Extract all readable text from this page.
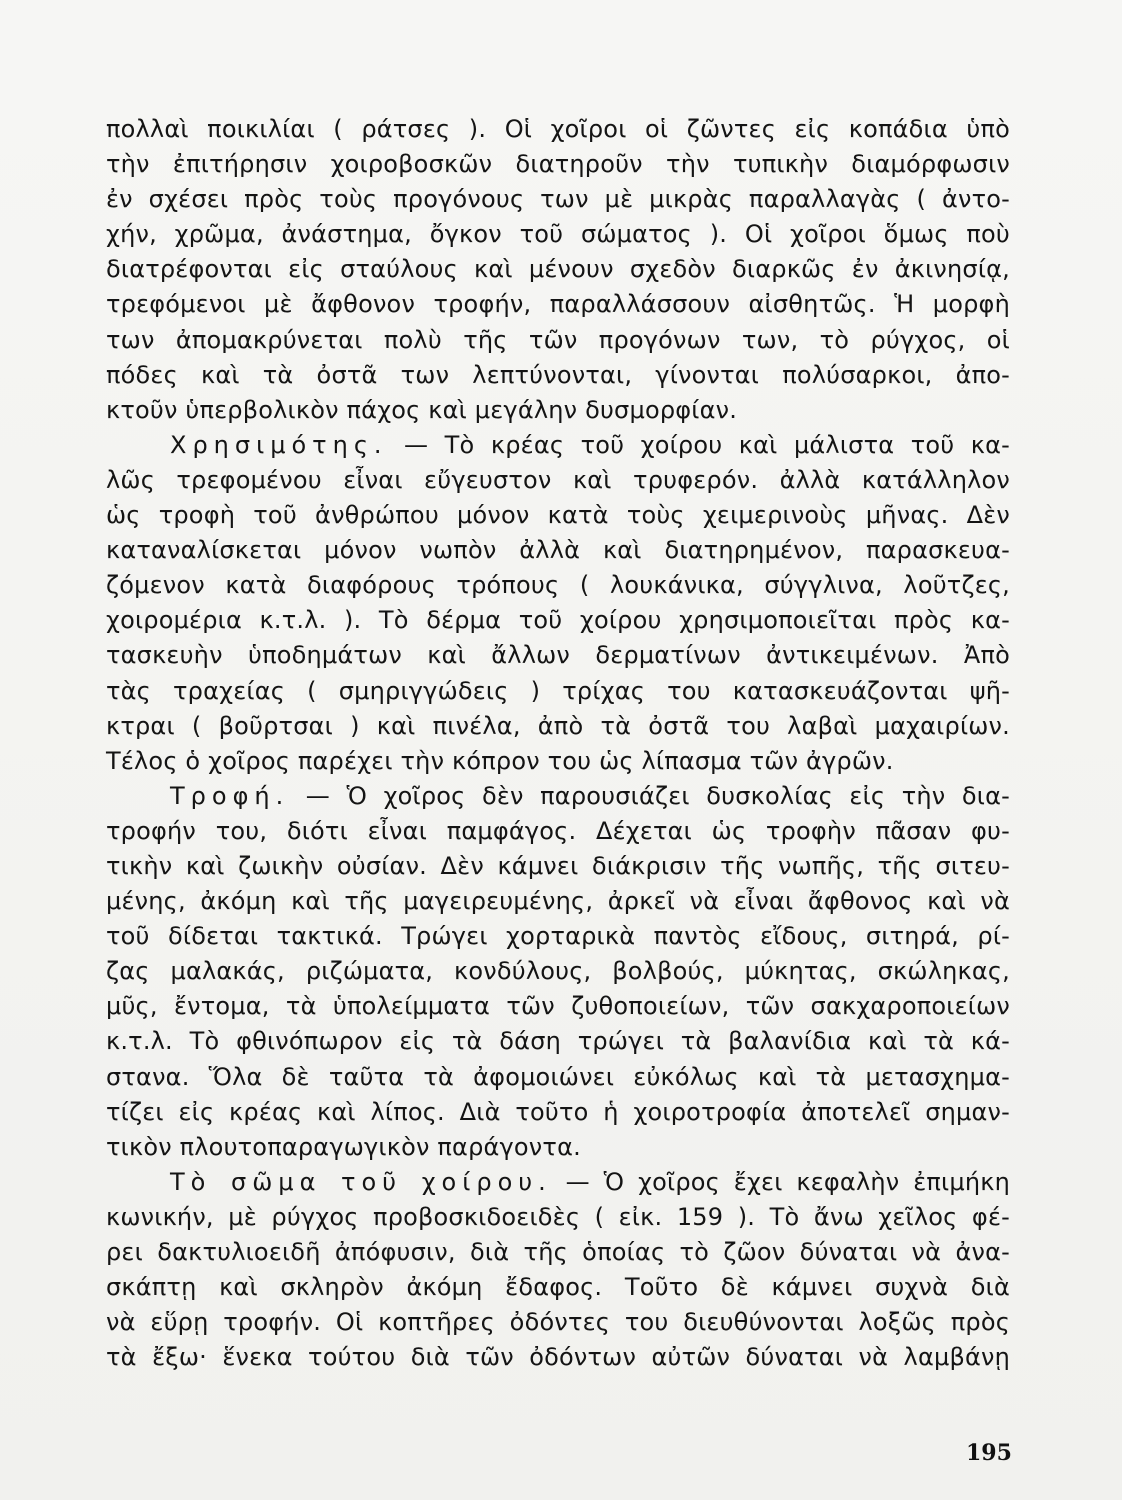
πολλαὶ ποικιλίαι ( ράτσες ). Οἱ χοῖροι οἱ ζῶντες εἰς κοπάδια ὑπὸ
τὴν ἐπιτήρησιν χοιροβοσκῶν διατηροῦν τὴν τυπικὴν διαμόρφωσιν
ἐν σχέσει πρὸς τοὺς προγόνους των μὲ μικρὰς παραλλαγὰς ( ἀντο-
χήν, χρῶμα, ἀνάστημα, ὄγκον τοῦ σώματος ). Οἱ χοῖροι ὅμως ποὺ
διατρέφονται εἰς σταύλους καὶ μένουν σχεδὸν διαρκῶς ἐν ἀκινησίᾳ,
τρεφόμενοι μὲ ἄφθονον τροφήν, παραλλάσσουν αἰσθητῶς. Ἡ μορφὴ
των ἀπομακρύνεται πολὺ τῆς τῶν προγόνων των, τὸ ρύγχος, οἱ
πόδες καὶ τὰ ὀστᾶ των λεπτύνονται, γίνονται πολύσαρκοι, ἀπο-
κτοῦν ὑπερβολικὸν πάχος καὶ μεγάλην δυσμορφίαν.
Χρησιμότης. — Τὸ κρέας τοῦ χοίρου καὶ μάλιστα τοῦ κα-
λῶς τρεφομένου εἶναι εὔγευστον καὶ τρυφερόν. ἀλλὰ κατάλληλον
ὡς τροφὴ τοῦ ἀνθρώπου μόνον κατὰ τοὺς χειμερινοὺς μῆνας. Δὲν
καταναλίσκεται μόνον νωπὸν ἀλλὰ καὶ διατηρημένον, παρασκευα-
ζόμενον κατὰ διαφόρους τρόπους ( λουκάνικα, σύγγλινα, λοῦτζες,
χοιρομέρια κ.τ.λ. ). Τὸ δέρμα τοῦ χοίρου χρησιμοποιεῖται πρὸς κα-
τασκευὴν ὑποδημάτων καὶ ἄλλων δερματίνων ἀντικειμένων. Ἀπὸ
τὰς τραχείας ( σμηριγγώδεις ) τρίχας του κατασκευάζονται ψῆ-
κτραι ( βοῦρτσαι ) καὶ πινέλα, ἀπὸ τὰ ὀστᾶ του λαβαὶ μαχαιρίων.
Τέλος ὁ χοῖρος παρέχει τὴν κόπρον του ὡς λίπασμα τῶν ἀγρῶν.
Τροφή. — Ὁ χοῖρος δὲν παρουσιάζει δυσκολίας εἰς τὴν δια-
τροφήν του, διότι εἶναι παμφάγος. Δέχεται ὡς τροφὴν πᾶσαν φυ-
τικὴν καὶ ζωικὴν οὐσίαν. Δὲν κάμνει διάκρισιν τῆς νωπῆς, τῆς σιτευ-
μένης, ἀκόμη καὶ τῆς μαγειρευμένης, ἀρκεῖ νὰ εἶναι ἄφθονος καὶ νὰ
τοῦ δίδεται τακτικά. Τρώγει χορταρικὰ παντὸς εἴδους, σιτηρά, ρί-
ζας μαλακάς, ριζώματα, κονδύλους, βολβούς, μύκητας, σκώληκας,
μῦς, ἔντομα, τὰ ὑπολείμματα τῶν ζυθοποιείων, τῶν σακχαροποιείων
κ.τ.λ. Τὸ φθινόπωρον εἰς τὰ δάση τρώγει τὰ βαλανίδια καὶ τὰ κά-
στανα. Ὅλα δὲ ταῦτα τὰ ἀφομοιώνει εὐκόλως καὶ τὰ μετασχημα-
τίζει εἰς κρέας καὶ λίπος. Διὰ τοῦτο ἡ χοιροτροφία ἀποτελεῖ σημαν-
τικὸν πλουτοπαραγωγικὸν παράγοντα.
Τὸ σῶμα τοῦ χοίρου. — Ὁ χοῖρος ἔχει κεφαλὴν ἐπιμήκη
κωνικήν, μὲ ρύγχος προβοσκιδοειδὲς ( εἰκ. 159 ). Τὸ ἄνω χεῖλος φέ-
ρει δακτυλιοειδῆ ἀπόφυσιν, διὰ τῆς ὁποίας τὸ ζῶον δύναται νὰ ἀνα-
σκάπτῃ καὶ σκληρὸν ἀκόμη ἔδαφος. Τοῦτο δὲ κάμνει συχνὰ διὰ
νὰ εὕρῃ τροφήν. Οἱ κοπτῆρες ὀδόντες του διευθύνονται λοξῶς πρὸς
τὰ ἔξω· ἕνεκα τούτου διὰ τῶν ὀδόντων αὐτῶν δύναται νὰ λαμβάνῃ
195
